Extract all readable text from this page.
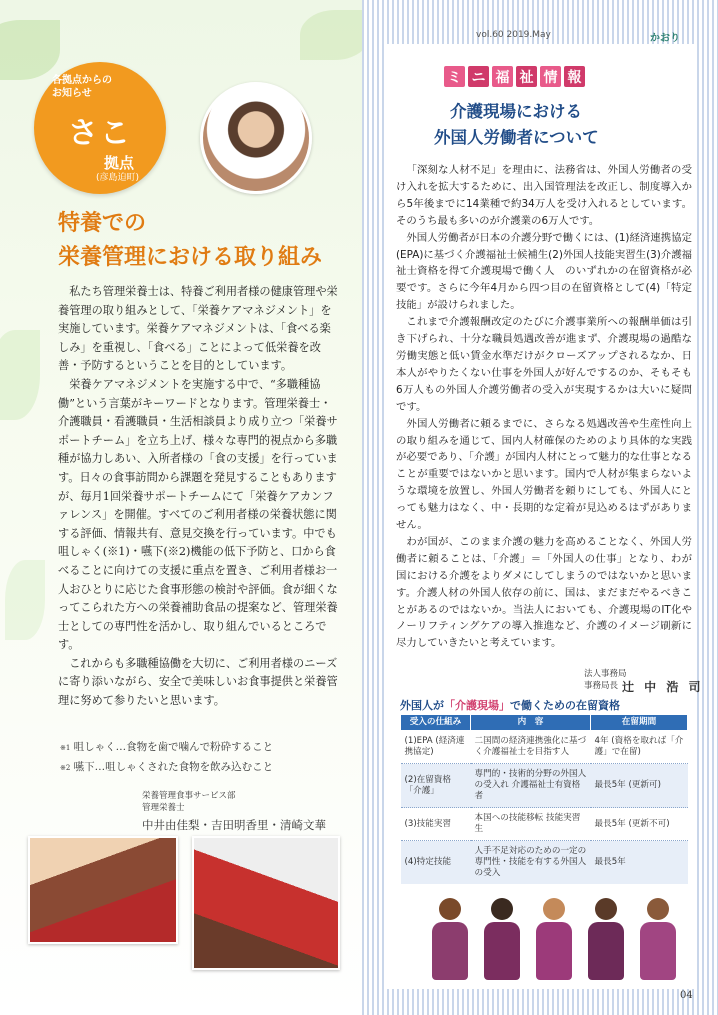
各拠点からの お知らせ
さこ
拠点
(彦島迫町)
特養での
栄養管理における取り組み

私たち管理栄養士は、特養ご利用者様の健康管理や栄養管理の取り組みとして、「栄養ケアマネジメント」を実施しています。栄養ケアマネジメントは、「食べる楽しみ」を重視し、「食べる」ことによって低栄養を改善・予防するということを目的としています。

栄養ケアマネジメントを実施する中で、“多職種協働”という言葉がキーワードとなります。管理栄養士・介護職員・看護職員・生活相談員より成り立つ「栄養サポートチーム」を立ち上げ、様々な専門的視点から多職種が協力しあい、入所者様の「食の支援」を行っています。日々の食事訪問から課題を発見することもありますが、毎月1回栄養サポートチームにて「栄養ケアカンファレンス」を開催。すべてのご利用者様の栄養状態に関する評価、情報共有、意見交換を行っています。中でも咀しゃく(※1)・嚥下(※2)機能の低下予防と、口から食べることに向けての支援に重点を置き、ご利用者様お一人おひとりに応じた食事形態の検討や評価。食が細くなってこられた方への栄養補助食品の提案など、管理栄養士としての専門性を活かし、取り組んでいるところです。

これからも多職種協働を大切に、ご利用者様のニーズに寄り添いながら、安全で美味しいお食事提供と栄養管理に努めて参りたいと思います。

※1 咀しゃく…食物を歯で噛んで粉砕すること
※2 嚥下…咀しゃくされた食物を飲み込むこと
栄養管理食事サービス部
管理栄養士
中井由佳梨・吉田明香里・清崎文華
vol.60 2019.May	かおり
ミ ニ 福 祉 情 報
介護現場における
外国人労働者について

「深刻な人材不足」を理由に、法務省は、外国人労働者の受け入れを拡大するために、出入国管理法を改正し、制度導入から5年後までに14業種で約34万人を受け入れるとしています。そのうち最も多いのが介護業の6万人です。

外国人労働者が日本の介護分野で働くには、(1)経済連携協定(EPA)に基づく介護福祉士候補生(2)外国人技能実習生(3)介護福祉士資格を得て介護現場で働く人　のいずれかの在留資格が必要です。さらに今年4月から四つ目の在留資格として(4)「特定技能」が設けられました。

これまで介護報酬改定のたびに介護事業所への報酬単価は引き下げられ、十分な職員処遇改善が進まず、介護現場の過酷な労働実態と低い賃金水準だけがクローズアップされるなか、日本人がやりたくない仕事を外国人が好んでするのか、そもそも6万人もの外国人介護労働者の受入が実現するかは大いに疑問です。

外国人労働者に頼るまでに、さらなる処遇改善や生産性向上の取り組みを通じて、国内人材確保のためのより具体的な実践が必要であり、「介護」が国内人材にとって魅力的な仕事となることが重要ではないかと思います。国内で人材が集まらないような環境を放置し、外国人労働者を頼りにしても、外国人にとっても魅力はなく、中・長期的な定着が見込めるはずがありません。

わが国が、このまま介護の魅力を高めることなく、外国人労働者に頼ることは、「介護」＝「外国人の仕事」となり、わが国における介護をよりダメにしてしまうのではないかと思います。介護人材の外国人依存の前に、国は、まだまだやるべきことがあるのではないか。当法人においても、介護現場のIT化やノーリフティングケアの導入推進など、介護のイメージ刷新に尽力していきたいと考えています。

法人事務局
事務局長 辻 中 浩 司
外国人が「介護現場」で働くための在留資格
受入の仕組み	内　容	在留期間
(1)EPA (経済連携協定)	二国間の経済連携強化に基づく介護福祉士を目指す人	4年 (資格を取れば「介護」で在留)
(2)在留資格 「介護」	専門的・技術的分野の外国人の受入れ 介護福祉士有資格者	最長5年 (更新可)
(3)技能実習	本国への技能移転 技能実習生	最長5年 (更新不可)
(4)特定技能	人手不足対応のための一定の専門性・技能を有する外国人の受入	最長5年
04
